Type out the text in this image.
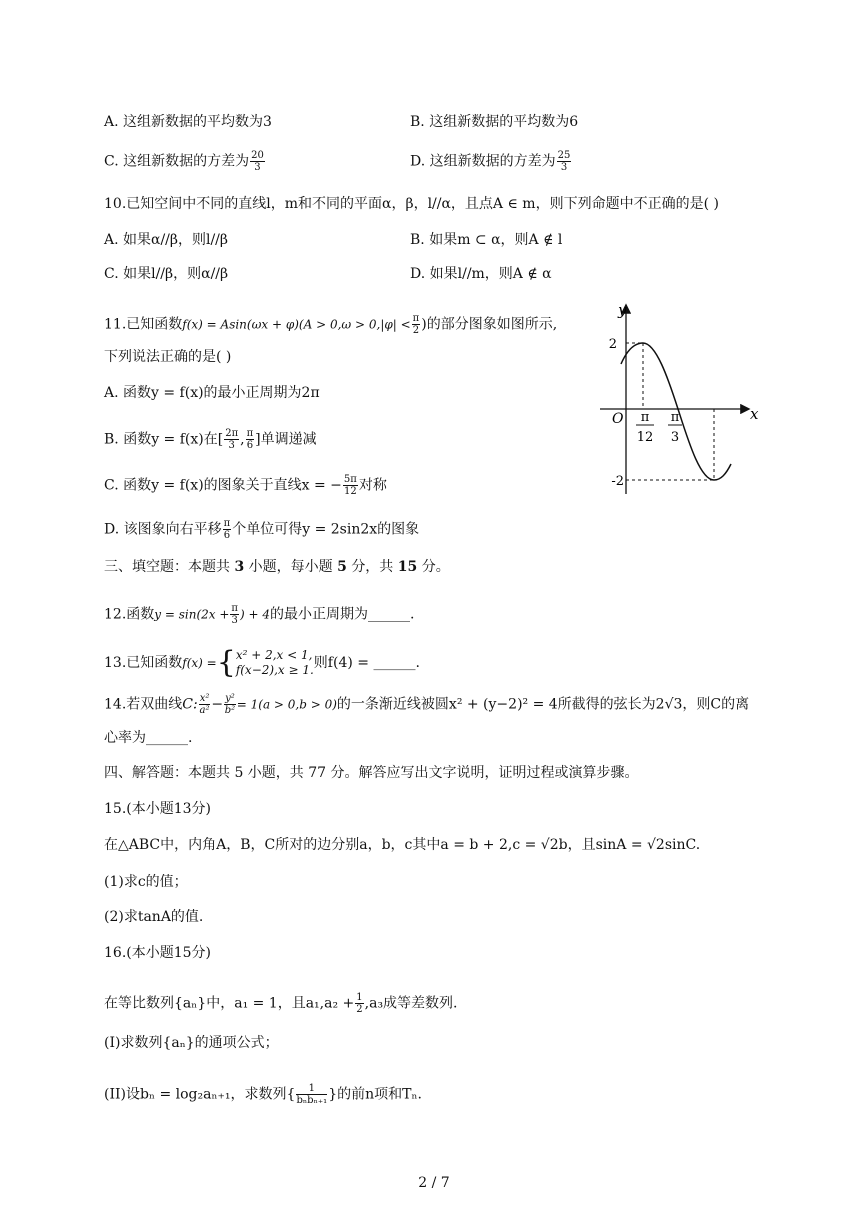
A. 这组新数据的平均数为3	B. 这组新数据的平均数为6
C. 这组新数据的方差为 $\frac{20}{3}$	D. 这组新数据的方差为 $\frac{25}{3}$
10.已知空间中不同的直线l，m和不同的平面α，β，l//α，且点A ∈ m，则下列命题中不正确的是( )
A. 如果α//β，则l//β	B. 如果m ⊂ α，则A ∉ l
C. 如果l//β，则α//β	D. 如果l//m，则A ∉ α
11.已知函数$f(x) = Asin(\omega x + \varphi)(A > 0,\omega > 0,|\varphi| < \frac{\pi}{2}$ )的部分图象如图所示,
下列说法正确的是( )
A. 函数y = f(x)的最小正周期为2π
B. 函数y = f(x)在[ $\frac{2\pi}{3}$ , $\frac{\pi}{6}$ ]单调递减
C. 函数y = f(x)的图象关于直线x = − $\frac{5\pi}{12}$ 对称
D. 该图象向右平移 $\frac{\pi}{6}$ 个单位可得y = 2sin2x的图象
y
x
O
2
-2
π
12
π
3
三、填空题：本题共 3 小题，每小题 5 分，共 15 分。
12.函数$y = \sin(2x + \frac{\pi}{3}$ ) + 4的最小正周期为______.
13.已知函数f(x) ={ x² + 2,x < 1,
f(x−2),x ≥ 1. 则f(4) = ______.
14.若双曲线C: $\frac{\text{x²}}{\text{a²}} - \frac{\text{y²}}{\text{b²}} = 1(a > 0,b > 0)$的一条渐近线被圆x² + (y−2)² = 4所截得的弦长为2√3，则C的离
心率为______.
四、解答题：本题共 5 小题，共 77 分。解答应写出文字说明，证明过程或演算步骤。
15.(本小题13分)
在△ABC中，内角A，B，C所对的边分别a，b，c其中a = b + 2,c = √2b，且sinA = √2sinC.
(1)求c的值；
(2)求tanA的值.
16.(本小题15分)
在等比数列{aₙ}中，a₁ = 1，且$a_1,a_2 + \frac{1}{2} ,a_3$成等差数列.
(I)求数列{aₙ}的通项公式；
(II)设bₙ = log₂aₙ₊₁，求数列{ $\frac{1}{\text{bₙbₙ₊₁}}$ }的前n项和Tₙ.
2 / 7
